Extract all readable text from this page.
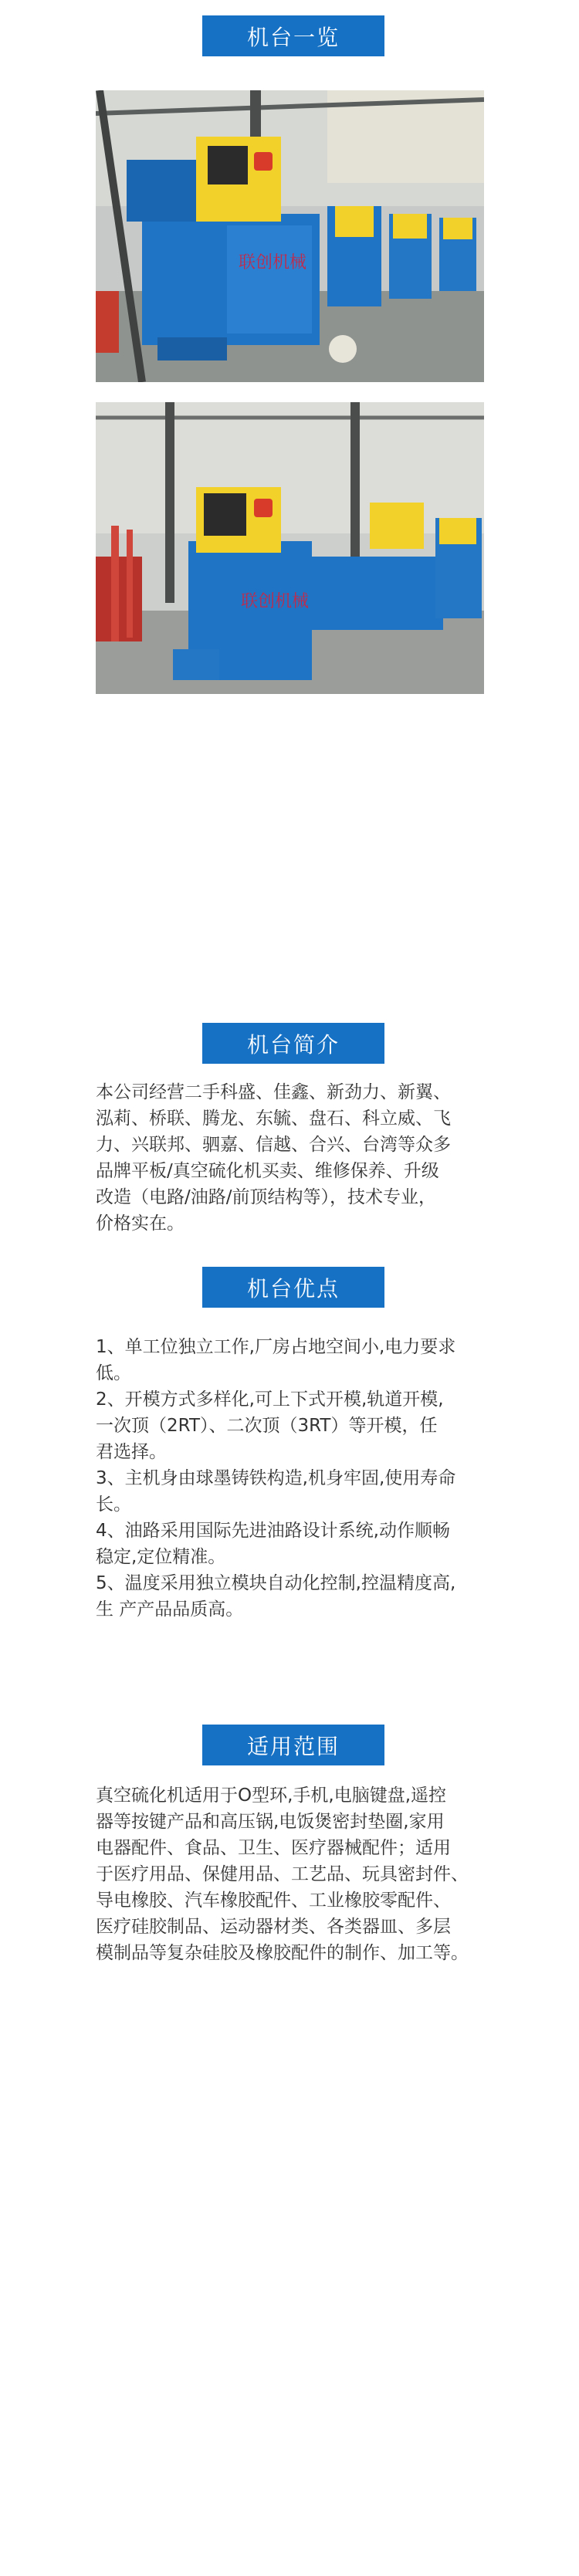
机台一览
联创机械
联创机械
机台简介

本公司经营二手科盛、佳鑫、新劲力、新翼、

泓莉、桥联、腾龙、东毓、盘石、科立威、飞

力、兴联邦、驷嘉、信越、合兴、台湾等众多

品牌平板/真空硫化机买卖、维修保养、升级

改造（电路/油路/前顶结构等），技术专业，

价格实在。

机台优点

1、单工位独立工作,厂房占地空间小,电力要求

低。

2、开模方式多样化,可上下式开模,轨道开模,

一次顶（2RT）、二次顶（3RT）等开模，任

君选择。

3、主机身由球墨铸铁构造,机身牢固,使用寿命

长。

4、油路采用国际先进油路设计系统,动作顺畅

稳定,定位精准。

5、温度采用独立模块自动化控制,控温精度高,

生 产产品品质高。

适用范围

真空硫化机适用于O型环,手机,电脑键盘,遥控

器等按键产品和高压锅,电饭煲密封垫圈,家用

电器配件、食品、卫生、医疗器械配件；适用

于医疗用品、保健用品、工艺品、玩具密封件、

导电橡胶、汽车橡胶配件、工业橡胶零配件、

医疗硅胶制品、运动器材类、各类器皿、多层

模制品等复杂硅胶及橡胶配件的制作、加工等。
